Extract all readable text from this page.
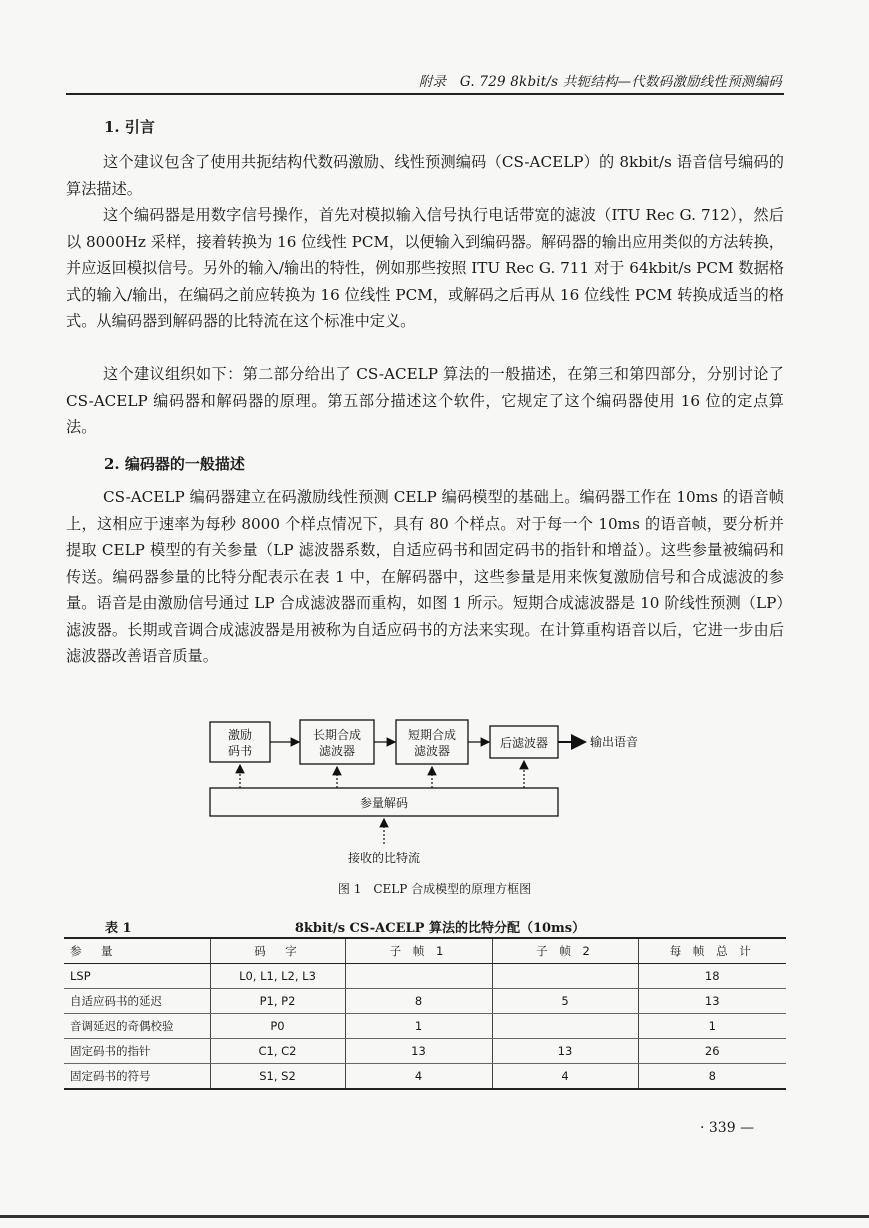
附录　G. 729 8kbit/s 共轭结构—代数码激励线性预测编码
1. 引言

这个建议包含了使用共扼结构代数码激励、线性预测编码（CS-ACELP）的 8kbit/s 语音信号编码的算法描述。

这个编码器是用数字信号操作，首先对模拟输入信号执行电话带宽的滤波（ITU Rec G. 712），然后以 8000Hz 采样，接着转换为 16 位线性 PCM，以便输入到编码器。解码器的输出应用类似的方法转换，并应返回模拟信号。另外的输入/输出的特性，例如那些按照 ITU Rec G. 711 对于 64kbit/s PCM 数据格式的输入/输出，在编码之前应转换为 16 位线性 PCM，或解码之后再从 16 位线性 PCM 转换成适当的格式。从编码器到解码器的比特流在这个标准中定义。

这个建议组织如下：第二部分给出了 CS-ACELP 算法的一般描述，在第三和第四部分，分别讨论了 CS-ACELP 编码器和解码器的原理。第五部分描述这个软件，它规定了这个编码器使用 16 位的定点算法。

2. 编码器的一般描述

CS-ACELP 编码器建立在码激励线性预测 CELP 编码模型的基础上。编码器工作在 10ms 的语音帧上，这相应于速率为每秒 8000 个样点情况下，具有 80 个样点。对于每一个 10ms 的语音帧，要分析并提取 CELP 模型的有关参量（LP 滤波器系数，自适应码书和固定码书的指针和增益）。这些参量被编码和传送。编码器参量的比特分配表示在表 1 中，在解码器中，这些参量是用来恢复激励信号和合成滤波的参量。语音是由激励信号通过 LP 合成滤波器而重构，如图 1 所示。短期合成滤波器是 10 阶线性预测（LP）滤波器。长期或音调合成滤波器是用被称为自适应码书的方法来实现。在计算重构语音以后，它进一步由后滤波器改善语音质量。

激励
码书
长期合成
滤波器
短期合成
滤波器
后滤波器	输出语音
参量解码
接收的比特流
图 1　CELP 合成模型的原理方框图
表 1	8kbit/s CS-ACELP 算法的比特分配（10ms）
参　量	码　字	子 帧 1	子 帧 2	每 帧 总 计
LSP	L0, L1, L2, L3			18
自适应码书的延迟	P1, P2	8	5	13
音调延迟的奇偶校验	P0	1		1
固定码书的指针	C1, C2	13	13	26
固定码书的符号	S1, S2	4	4	8
· 339 —
